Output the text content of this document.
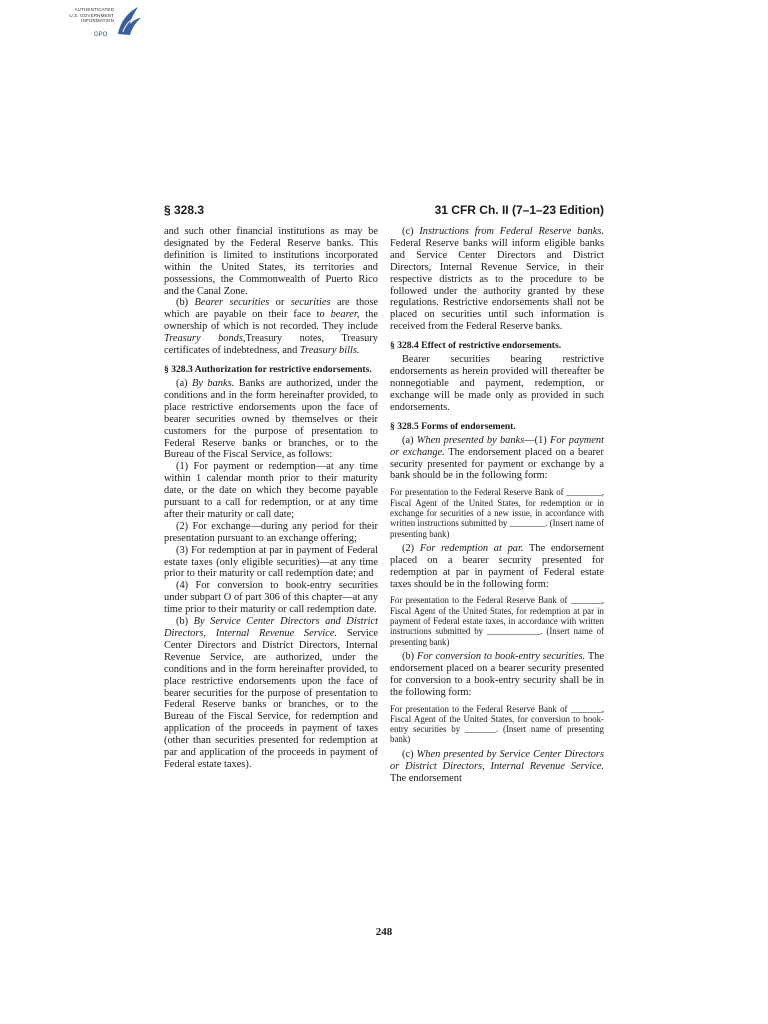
AUTHENTICATED
U.S. GOVERNMENT
INFORMATION
GPO
§ 328.3	31 CFR Ch. II (7–1–23 Edition)

and such other financial institutions as may be designated by the Federal Reserve banks. This definition is limited to institutions incorporated within the United States, its territories and possessions, the Commonwealth of Puerto Rico and the Canal Zone.

(b) Bearer securities or securities are those which are payable on their face to bearer, the ownership of which is not recorded. They include Treasury bonds,Treasury notes, Treasury certificates of indebtedness, and Treasury bills.

§ 328.3 Authorization for restrictive endorsements.

(a) By banks. Banks are authorized, under the conditions and in the form hereinafter provided, to place restrictive endorsements upon the face of bearer securities owned by themselves or their customers for the purpose of presentation to Federal Reserve banks or branches, or to the Bureau of the Fiscal Service, as follows:

(1) For payment or redemption—at any time within 1 calendar month prior to their maturity date, or the date on which they become payable pursuant to a call for redemption, or at any time after their maturity or call date;

(2) For exchange—during any period for their presentation pursuant to an exchange offering;

(3) For redemption at par in payment of Federal estate taxes (only eligible securities)—at any time prior to their maturity or call redemption date; and

(4) For conversion to book-entry securities under subpart O of part 306 of this chapter—at any time prior to their maturity or call redemption date.

(b) By Service Center Directors and District Directors, Internal Revenue Service. Service Center Directors and District Directors, Internal Revenue Service, are authorized, under the conditions and in the form hereinafter provided, to place restrictive endorsements upon the face of bearer securities for the purpose of presentation to Federal Reserve banks or branches, or to the Bureau of the Fiscal Service, for redemption and application of the proceeds in payment of taxes (other than securities presented for redemption at par and application of the proceeds in payment of Federal estate taxes).

(c) Instructions from Federal Reserve banks. Federal Reserve banks will inform eligible banks and Service Center Directors and District Directors, Internal Revenue Service, in their respective districts as to the procedure to be followed under the authority granted by these regulations. Restrictive endorsements shall not be placed on securities until such information is received from the Federal Reserve banks.

§ 328.4 Effect of restrictive endorsements.

Bearer securities bearing restrictive endorsements as herein provided will thereafter be nonnegotiable and payment, redemption, or exchange will be made only as provided in such endorsements.

§ 328.5 Forms of endorsement.

(a) When presented by banks—(1) For payment or exchange. The endorsement placed on a bearer security presented for payment or exchange by a bank should be in the following form:

For presentation to the Federal Reserve Bank of ________, Fiscal Agent of the United States, for redemption or in exchange for securities of a new issue, in accordance with written instructions submitted by ________. (Insert name of presenting bank)

(2) For redemption at par. The endorsement placed on a bearer security presented for redemption at par in payment of Federal estate taxes should be in the following form:

For presentation to the Federal Reserve Bank of _______, Fiscal Agent of the United States, for redemption at par in payment of Federal estate taxes, in accordance with written instructions submitted by ____________. (Insert name of presenting bank)

(b) For conversion to book-entry securities. The endorsement placed on a bearer security presented for conversion to a book-entry security shall be in the following form:

For presentation to the Federal Reserve Bank of _______, Fiscal Agent of the United States, for conversion to book-entry securities by _______. (Insert name of presenting bank)

(c) When presented by Service Center Directors or District Directors, Internal Revenue Service. The endorsement

248
